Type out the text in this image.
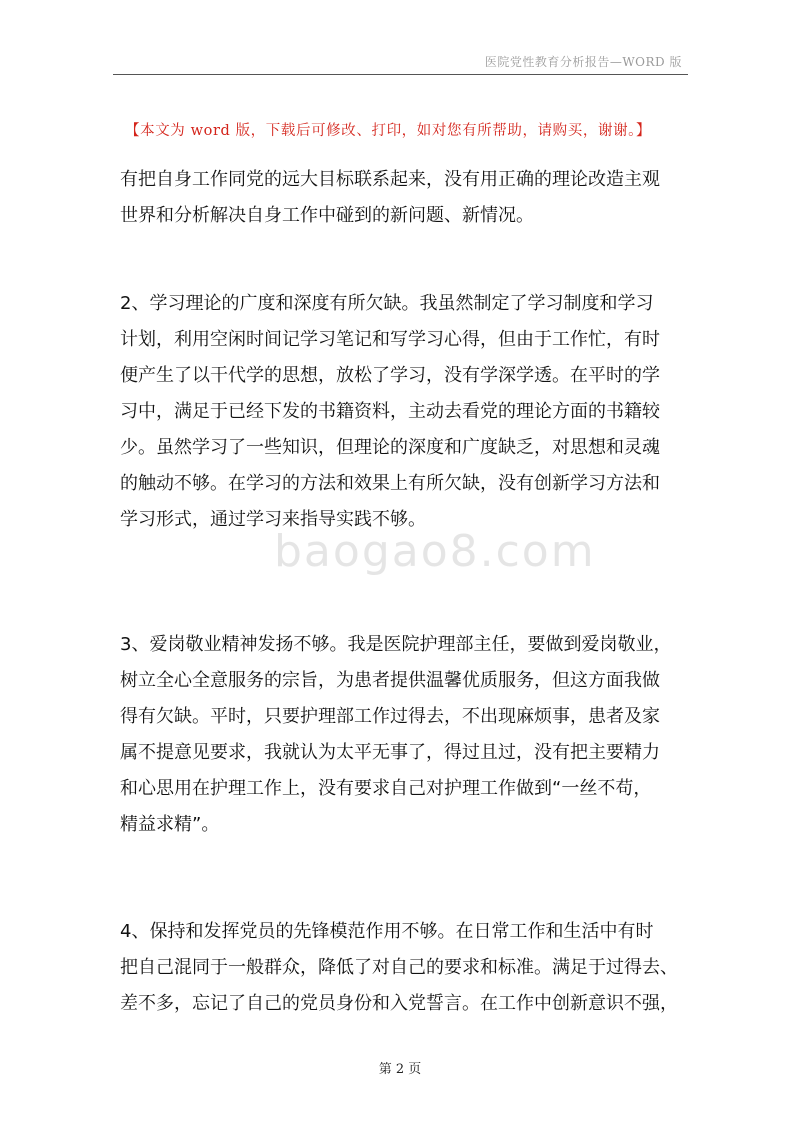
医院党性教育分析报告—WORD 版
【本文为 word 版，下载后可修改、打印，如对您有所帮助，请购买，谢谢。】
有把自身工作同党的远大目标联系起来，没有用正确的理论改造主观
世界和分析解决自身工作中碰到的新问题、新情况。
2、学习理论的广度和深度有所欠缺。我虽然制定了学习制度和学习
计划，利用空闲时间记学习笔记和写学习心得，但由于工作忙，有时
便产生了以干代学的思想，放松了学习，没有学深学透。在平时的学
习中，满足于已经下发的书籍资料，主动去看党的理论方面的书籍较
少。虽然学习了一些知识，但理论的深度和广度缺乏，对思想和灵魂
的触动不够。在学习的方法和效果上有所欠缺，没有创新学习方法和
学习形式，通过学习来指导实践不够。
3、爱岗敬业精神发扬不够。我是医院护理部主任，要做到爱岗敬业，
树立全心全意服务的宗旨，为患者提供温馨优质服务，但这方面我做
得有欠缺。平时，只要护理部工作过得去，不出现麻烦事，患者及家
属不提意见要求，我就认为太平无事了，得过且过，没有把主要精力
和心思用在护理工作上，没有要求自己对护理工作做到“一丝不苟，
精益求精”。
4、保持和发挥党员的先锋模范作用不够。在日常工作和生活中有时
把自己混同于一般群众，降低了对自己的要求和标准。满足于过得去、
差不多，忘记了自己的党员身份和入党誓言。在工作中创新意识不强，
baogao8.com
第 2 页
